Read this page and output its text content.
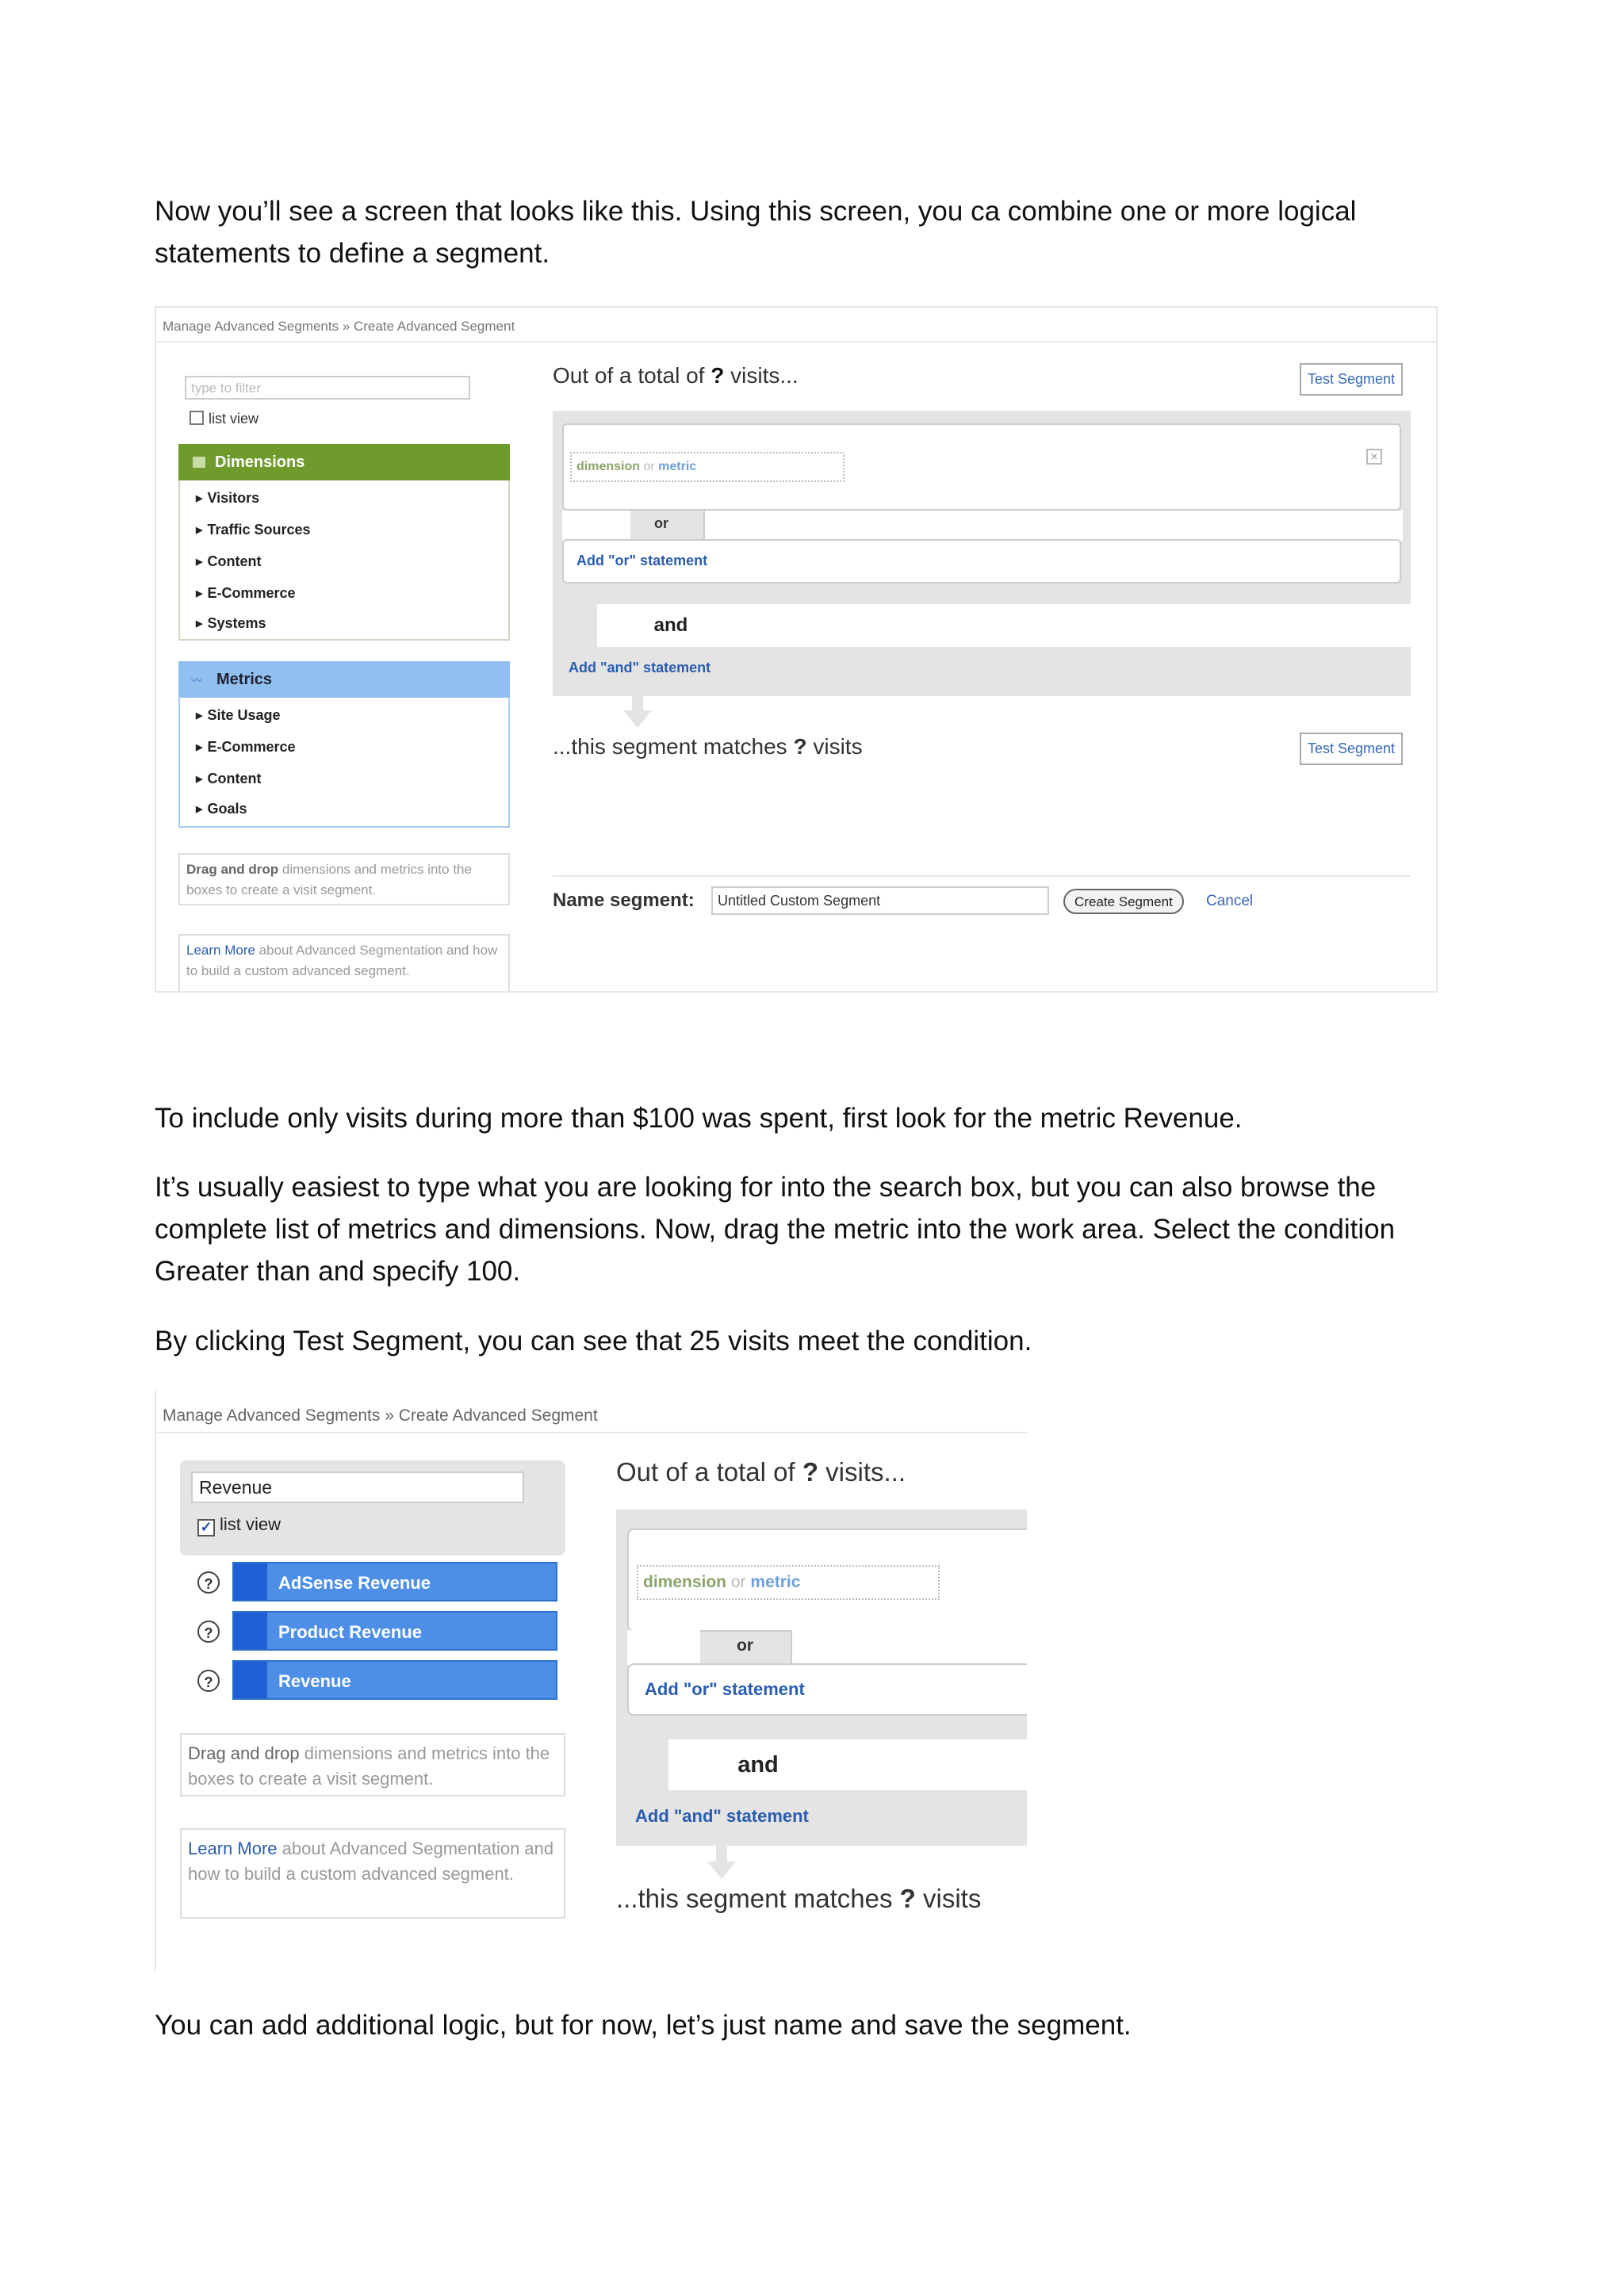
Now you’ll see a screen that looks like this. Using this screen, you ca combine one or more logical statements to define a segment.

Manage Advanced Segments » Create Advanced Segment
type to filter
list view
Dimensions
▶ Visitors
▶ Traffic Sources
▶ Content
▶ E-Commerce
▶ Systems
〰 Metrics
▶ Site Usage
▶ E-Commerce
▶ Content
▶ Goals
Drag and drop dimensions and metrics into the boxes to create a visit segment.
Learn More about Advanced Segmentation and how to build a custom advanced segment.
Out of a total of ? visits...	Test Segment
dimension or metric
×
or
Add "or" statement
and
Add "and" statement
...this segment matches ? visits	Test Segment
Name segment:	Untitled Custom Segment	Create Segment	Cancel

To include only visits during more than $100 was spent, first look for the metric Revenue.

It’s usually easiest to type what you are looking for into the search box, but you can also browse the complete list of metrics and dimensions. Now, drag the metric into the work area. Select the condition Greater than and specify 100.

By clicking Test Segment, you can see that 25 visits meet the condition.

Manage Advanced Segments » Create Advanced Segment
Revenue
✓ list view
?	AdSense Revenue
?	Product Revenue
?	Revenue
Drag and drop dimensions and metrics into the boxes to create a visit segment.
Learn More about Advanced Segmentation and how to build a custom advanced segment.
Out of a total of ? visits...
dimension or metric
or
Add "or" statement
and
Add "and" statement
...this segment matches ? visits

You can add additional logic, but for now, let’s just name and save the segment.
